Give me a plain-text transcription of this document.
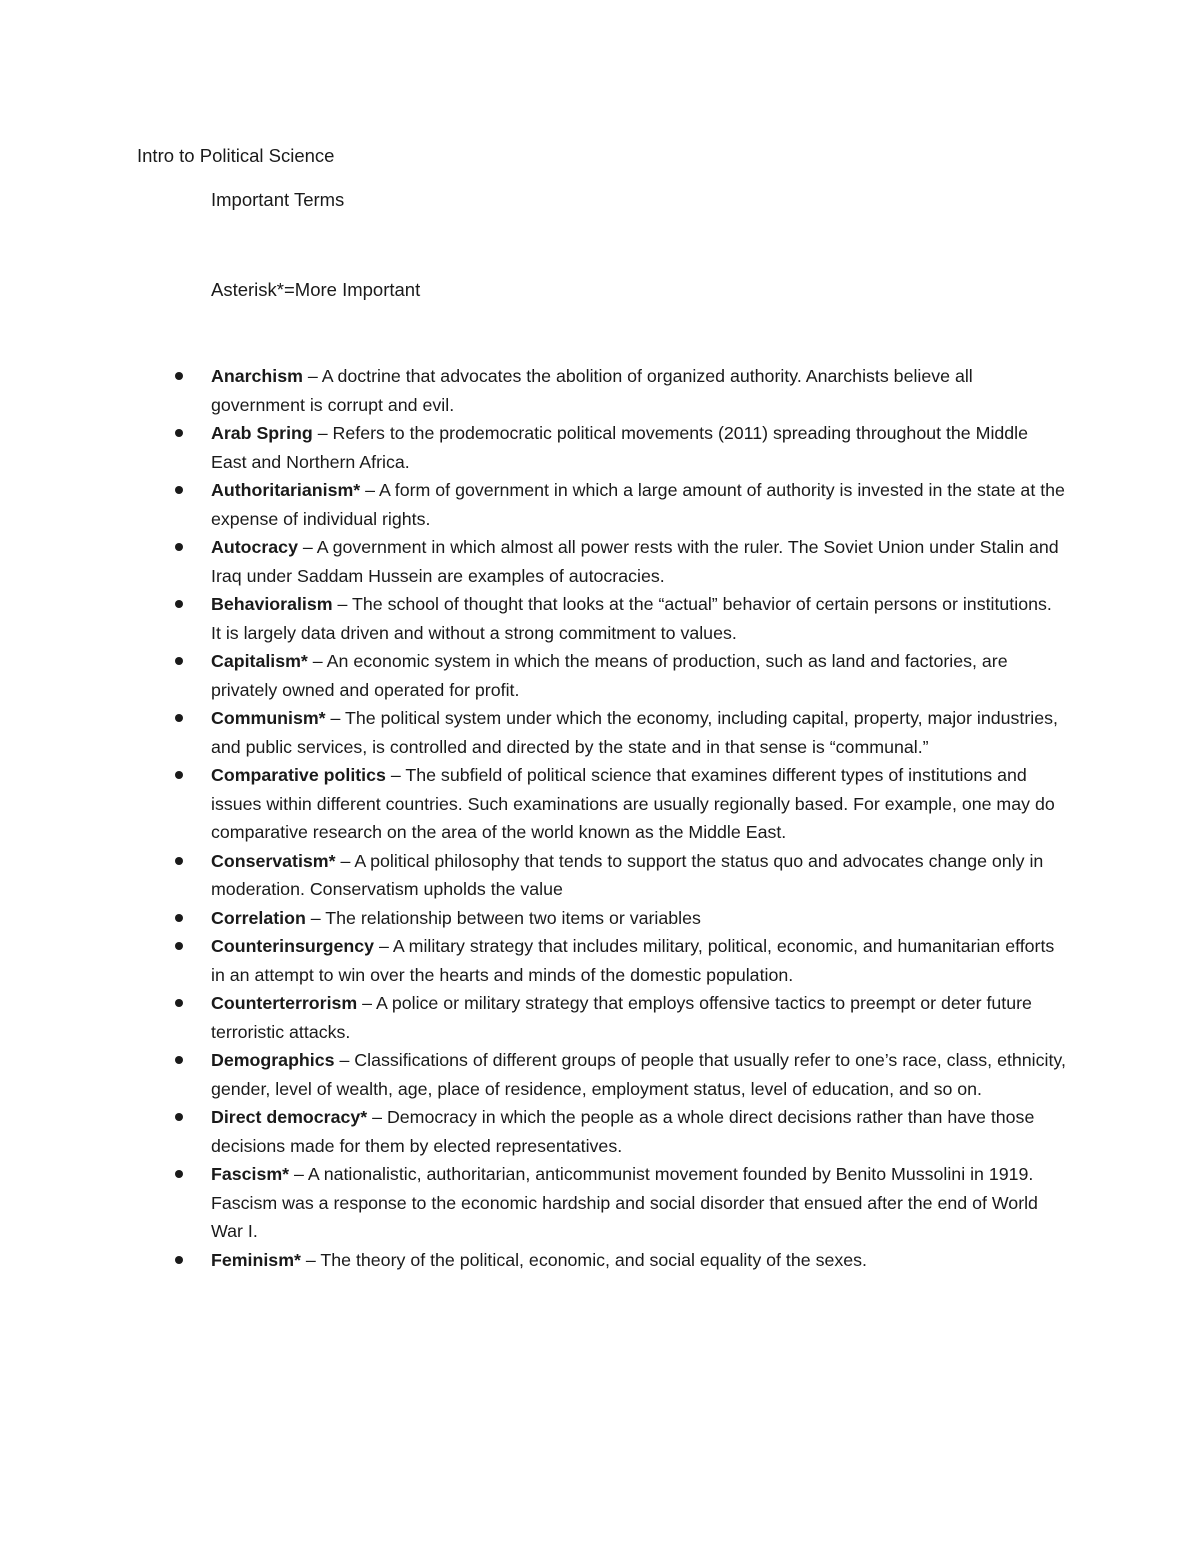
Intro to Political Science
Important Terms
Asterisk*=More Important
Anarchism – A doctrine that advocates the abolition of organized authority. Anarchists believe all government is corrupt and evil.
Arab Spring – Refers to the prodemocratic political movements (2011) spreading throughout the Middle East and Northern Africa.
Authoritarianism* – A form of government in which a large amount of authority is invested in the state at the expense of individual rights.
Autocracy – A government in which almost all power rests with the ruler. The Soviet Union under Stalin and Iraq under Saddam Hussein are examples of autocracies.
Behavioralism – The school of thought that looks at the “actual” behavior of certain persons or institutions. It is largely data driven and without a strong commitment to values.
Capitalism* – An economic system in which the means of production, such as land and factories, are privately owned and operated for profit.
Communism* – The political system under which the economy, including capital, property, major industries, and public services, is controlled and directed by the state and in that sense is “communal.”
Comparative politics – The subfield of political science that examines different types of institutions and issues within different countries. Such examinations are usually regionally based. For example, one may do comparative research on the area of the world known as the Middle East.
Conservatism* – A political philosophy that tends to support the status quo and advocates change only in moderation. Conservatism upholds the value
Correlation – The relationship between two items or variables
Counterinsurgency – A military strategy that includes military, political, economic, and humanitarian efforts in an attempt to win over the hearts and minds of the domestic population.
Counterterrorism – A police or military strategy that employs offensive tactics to preempt or deter future terroristic attacks.
Demographics – Classifications of different groups of people that usually refer to one’s race, class, ethnicity, gender, level of wealth, age, place of residence, employment status, level of education, and so on.
Direct democracy* – Democracy in which the people as a whole direct decisions rather than have those decisions made for them by elected representatives.
Fascism* – A nationalistic, authoritarian, anticommunist movement founded by Benito Mussolini in 1919. Fascism was a response to the economic hardship and social disorder that ensued after the end of World War I.
Feminism* – The theory of the political, economic, and social equality of the sexes.
